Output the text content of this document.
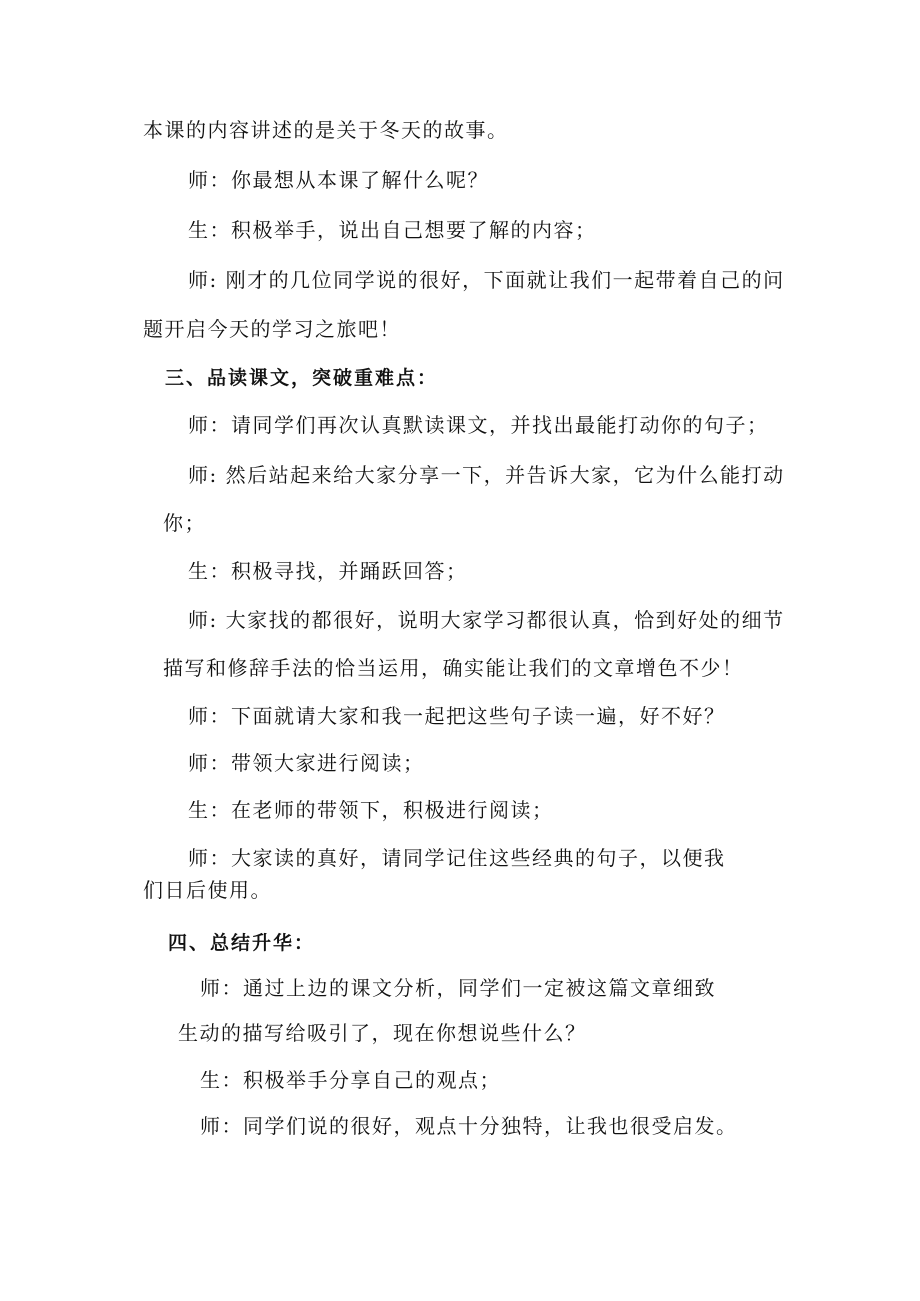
本课的内容讲述的是关于冬天的故事。
师：你最想从本课了解什么呢？
生：积极举手，说出自己想要了解的内容；
师: 刚才的几位同学说的很好，下面就让我们一起带着自己的问
题开启今天的学习之旅吧！
三、品读课文，突破重难点：
师：请同学们再次认真默读课文，并找出最能打动你的句子；
师: 然后站起来给大家分享一下，并告诉大家，它为什么能打动
你；
生：积极寻找，并踊跃回答；
师: 大家找的都很好，说明大家学习都很认真，恰到好处的细节
描写和修辞手法的恰当运用，确实能让我们的文章增色不少！
师：下面就请大家和我一起把这些句子读一遍，好不好？
师：带领大家进行阅读；
生：在老师的带领下，积极进行阅读；
师：大家读的真好，请同学记住这些经典的句子，以便我
们日后使用。
四、总结升华：
师：通过上边的课文分析，同学们一定被这篇文章细致
生动的描写给吸引了，现在你想说些什么？
生：积极举手分享自己的观点；
师：同学们说的很好，观点十分独特，让我也很受启发。
